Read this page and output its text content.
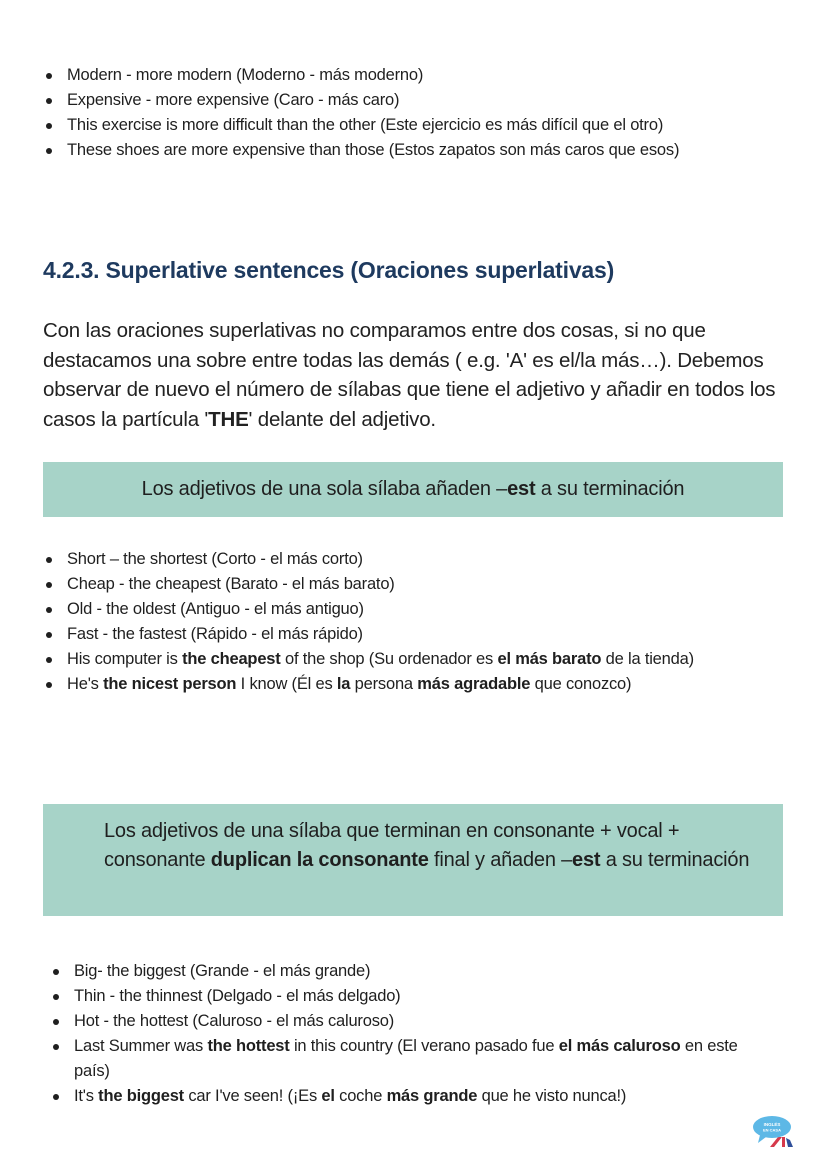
Modern - more modern (Moderno - más moderno)
Expensive - more expensive (Caro - más caro)
This exercise is more difficult than the other (Este ejercicio es más difícil que el otro)
These shoes are more expensive than those (Estos zapatos son más caros que esos)
4.2.3. Superlative sentences (Oraciones superlativas)

Con las oraciones superlativas no comparamos entre dos cosas, si no que destacamos una sobre entre todas las demás ( e.g. 'A' es el/la más…). Debemos observar de nuevo el número de sílabas que tiene el adjetivo y añadir en todos los casos la partícula 'THE' delante del adjetivo.

Los adjetivos de una sola sílaba añaden –est a su terminación

Short – the shortest (Corto - el más corto)
Cheap - the cheapest (Barato - el más barato)
Old - the oldest (Antiguo - el más antiguo)
Fast - the fastest (Rápido - el más rápido)
His computer is the cheapest of the shop (Su ordenador es el más barato de la tienda)
He's the nicest person I know (Él es la persona más agradable que conozco)

Los adjetivos de una sílaba que terminan en consonante + vocal + consonante duplican la consonante final y añaden –est a su terminación

Big- the biggest (Grande - el más grande)
Thin - the thinnest (Delgado - el más delgado)
Hot - the hottest (Caluroso - el más caluroso)
Last Summer was the hottest in this country (El verano pasado fue el más caluroso en este país)
It's the biggest car I've seen! (¡Es el coche más grande que he visto nunca!)
INGLÉS
EN CASA
